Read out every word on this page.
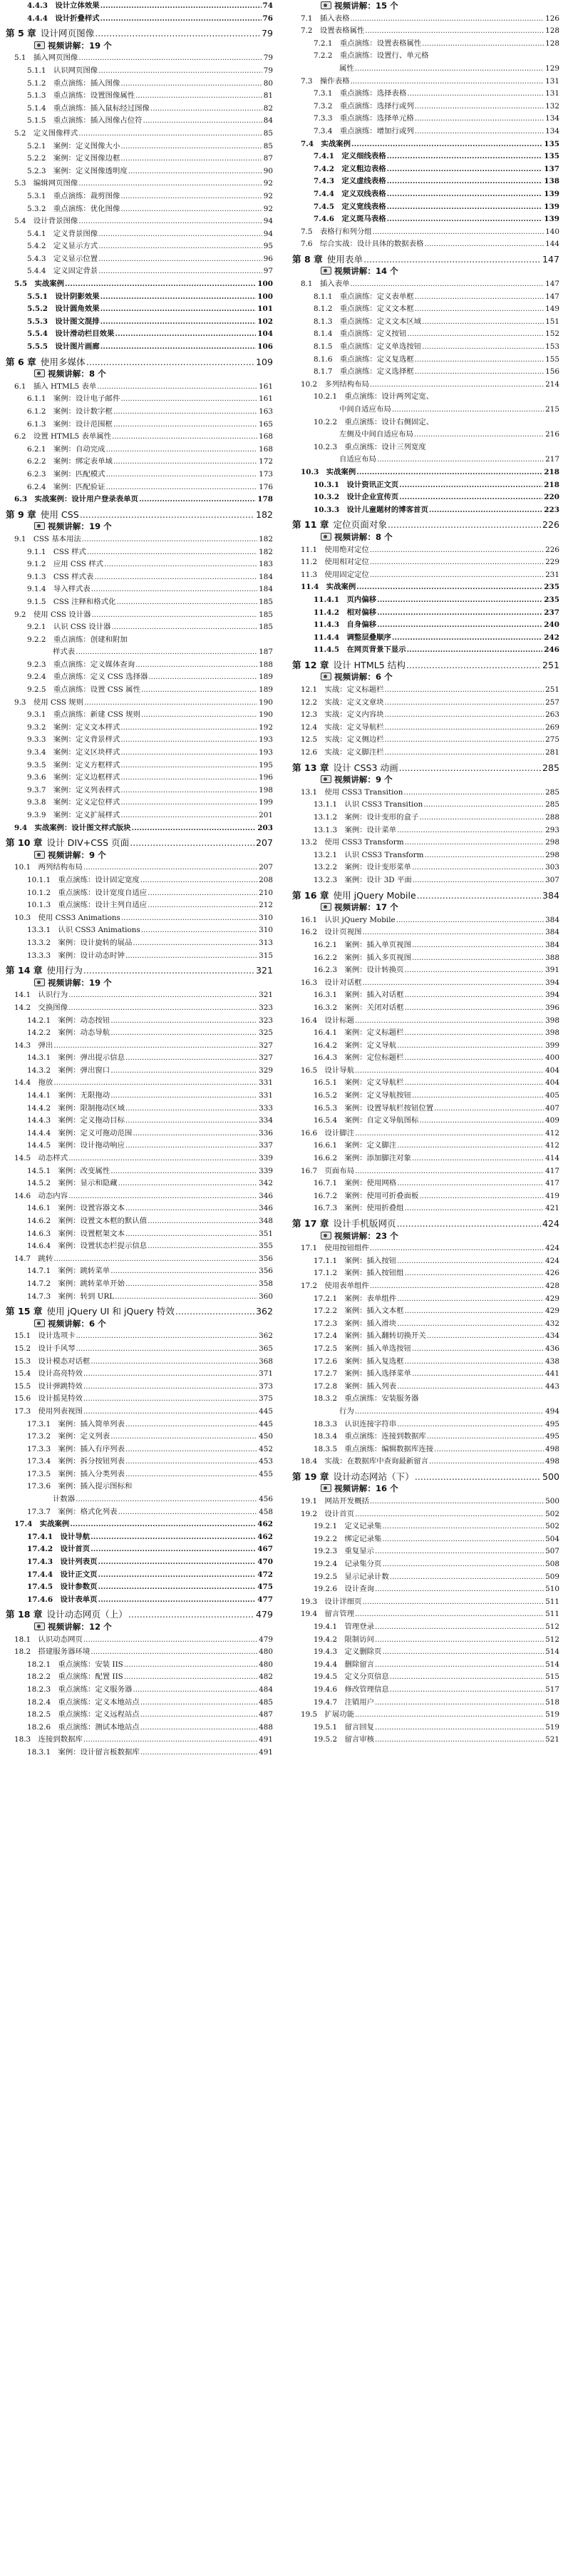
4.4.3　设计立体效果 .....	74
4.4.4　设计折叠样式 .....	76
第 5 章 设计网页图像 .....	79
视频讲解：19 个
5.1　插入网页图像 .....	79
5.1.1　认识网页图像 .....	79
5.1.2　重点演练：插入图像 .....	80
5.1.3　重点演练：设置图像属性 .....	81
5.1.4　重点演练：插入鼠标经过图像 .....	82
5.1.5　重点演练：插入图像占位符 .....	84
5.2　定义图像样式 .....	85
5.2.1　案例：定义图像大小 .....	85
5.2.2　案例：定义图像边框 .....	87
5.2.3　案例：定义图像透明度 .....	90
5.3　编辑网页图像 .....	92
5.3.1　重点演练：裁剪图像 .....	92
5.3.2　重点演练：优化图像 .....	92
5.4　设计背景图像 .....	94
5.4.1　定义背景图像 .....	94
5.4.2　定义显示方式 .....	95
5.4.3　定义显示位置 .....	96
5.4.4　定义固定背景 .....	97
5.5　实战案例 .....	100
5.5.1　设计阴影效果 .....	100
5.5.2　设计圆角效果 .....	101
5.5.3　设计图文混排 .....	102
5.5.4　设计滑动栏目效果 .....	104
5.5.5　设计图片画廊 .....	106
第 6 章 使用多媒体 .....	109
视频讲解：8 个
6.1　插入 HTML5 表单 .....	161
6.1.1　案例：设计电子邮件 .....	161
6.1.2　案例：设计数字框 .....	163
6.1.3　案例：设计范围框 .....	165
6.2　设置 HTML5 表单属性 .....	168
6.2.1　案例：自动完成 .....	168
6.2.2　案例：绑定表单域 .....	172
6.2.3　案例：匹配模式 .....	173
6.2.4　案例：匹配验证 .....	176
6.3　实战案例：设计用户登录表单页 .....	178
第 9 章 使用 CSS .....	182
视频讲解：19 个
9.1　CSS 基本用法 .....	182
9.1.1　CSS 样式 .....	182
9.1.2　应用 CSS 样式 .....	183
9.1.3　CSS 样式表 .....	184
9.1.4　导入样式表 .....	184
9.1.5　CSS 注释和格式化 .....	185
9.2　使用 CSS 设计器 .....	185
9.2.1　认识 CSS 设计器 .....	185
9.2.2　重点演练：创建和附加
样式表 .....	187
9.2.3　重点演练：定义媒体查询 .....	188
9.2.4　重点演练：定义 CSS 选择器 .....	189
9.2.5　重点演练：设置 CSS 属性 .....	189
9.3　使用 CSS 规则 .....	190
9.3.1　重点演练：新建 CSS 规则 .....	190
9.3.2　案例：定义文本样式 .....	192
9.3.3　案例：定义背景样式 .....	193
9.3.4　案例：定义区块样式 .....	193
9.3.5　案例：定义方框样式 .....	195
9.3.6　案例：定义边框样式 .....	196
9.3.7　案例：定义列表样式 .....	198
9.3.8　案例：定义定位样式 .....	199
9.3.9　案例：定义扩展样式 .....	201
9.4　实战案例：设计图文样式版块 .....	203
第 10 章 设计 DIV+CSS 页面 .....	207
视频讲解：9 个
10.1　两列结构布局 .....	207
10.1.1　重点演练：设计固定宽度 .....	208
10.1.2　重点演练：设计宽度自适应 .....	210
10.1.3　重点演练：设计主列自适应 .....	212
10.3　使用 CSS3 Animations .....	310
13.3.1　认识 CSS3 Animations .....	310
13.3.2　案例：设计旋转的展品 .....	313
13.3.3　案例：设计动态时钟 .....	315
第 14 章 使用行为 .....	321
视频讲解：19 个
14.1　认识行为 .....	321
14.2　交换图像 .....	323
14.2.1　案例：动态按钮 .....	323
14.2.2　案例：动态导航 .....	325
14.3　弹出 .....	327
14.3.1　案例：弹出提示信息 .....	327
14.3.2　案例：弹出窗口 .....	329
14.4　拖放 .....	331
14.4.1　案例：无限拖动 .....	331
14.4.2　案例：限制拖动区域 .....	333
14.4.3　案例：定义拖动目标 .....	334
14.4.4　案例：定义可拖动范围 .....	336
14.4.5　案例：设计拖动响应 .....	337
14.5　动态样式 .....	339
14.5.1　案例：改变属性 .....	339
14.5.2　案例：显示和隐藏 .....	342
14.6　动态内容 .....	346
14.6.1　案例：设置容器文本 .....	346
14.6.2　案例：设置文本框的默认值 .....	348
14.6.3　案例：设置框架文本 .....	351
14.6.4　案例：设置状态栏提示信息 .....	355
14.7　跳转 .....	356
14.7.1　案例：跳转菜单 .....	356
14.7.2　案例：跳转菜单开始 .....	358
14.7.3　案例：转到 URL .....	360
第 15 章 使用 jQuery UI 和 jQuery 特效 .....	362
视频讲解：6 个
15.1　设计选项卡 .....	362
15.2　设计手风琴 .....	365
15.3　设计模态对话框 .....	368
15.4　设计高亮特效 .....	371
15.5　设计弹跳特效 .....	373
15.6　设计摇晃特效 .....	375
17.3　使用列表视图 .....	445
17.3.1　案例：插入简单列表 .....	445
17.3.2　案例：定义列表 .....	450
17.3.3　案例：插入有序列表 .....	452
17.3.4　案例：拆分按钮列表 .....	453
17.3.5　案例：插入分类列表 .....	455
17.3.6　案例：插入提示图标和
计数器 .....	456
17.3.7　案例：格式化列表 .....	458
17.4　实战案例 .....	462
17.4.1　设计导航 .....	462
17.4.2　设计首页 .....	467
17.4.3　设计列表页 .....	470
17.4.4　设计正文页 .....	472
17.4.5　设计参数页 .....	475
17.4.6　设计表单页 .....	477
第 18 章 设计动态网页（上） .....	479
视频讲解：12 个
18.1　认识动态网页 .....	479
18.2　搭建服务器环境 .....	480
18.2.1　重点演练：安装 IIS .....	480
18.2.2　重点演练：配置 IIS .....	482
18.2.3　重点演练：定义服务器 .....	484
18.2.4　重点演练：定义本地站点 .....	485
18.2.5　重点演练：定义远程站点 .....	487
18.2.6　重点演练：测试本地站点 .....	488
18.3　连接到数据库 .....	491
18.3.1　案例：设计留言板数据库 .....	491
视频讲解：15 个
7.1　插入表格 .....	126
7.2　设置表格属性 .....	128
7.2.1　重点演练：设置表格属性 .....	128
7.2.2　重点演练：设置行、单元格
属性 .....	129
7.3　操作表格 .....	131
7.3.1　重点演练：选择表格 .....	131
7.3.2　重点演练：选择行或列 .....	132
7.3.3　重点演练：选择单元格 .....	134
7.3.4　重点演练：增加行或列 .....	134
7.4　实战案例 .....	135
7.4.1　定义细线表格 .....	135
7.4.2　定义粗边表格 .....	137
7.4.3　定义虚线表格 .....	138
7.4.4　定义双线表格 .....	139
7.4.5　定义宽线表格 .....	139
7.4.6　定义斑马表格 .....	139
7.5　表格行和列分组 .....	140
7.6　综合实战：设计具体的数据表格 .....	144
第 8 章 使用表单 .....	147
视频讲解：14 个
8.1　插入表单 .....	147
8.1.1　重点演练：定义表单框 .....	147
8.1.2　重点演练：定义文本框 .....	149
8.1.3　重点演练：定义文本区域 .....	151
8.1.4　重点演练：定义按钮 .....	152
8.1.5　重点演练：定义单选按钮 .....	153
8.1.6　重点演练：定义复选框 .....	155
8.1.7　重点演练：定义选择框 .....	156
10.2　多列结构布局 .....	214
10.2.1　重点演练：设计两列定宽、
中间自适应布局 .....	215
10.2.2　重点演练：设计右侧固定、
左侧及中间自适应布局 .....	216
10.2.3　重点演练：设计三列宽度
自适应布局 .....	217
10.3　实战案例 .....	218
10.3.1　设计资讯正文页 .....	218
10.3.2　设计企业宣传页 .....	220
10.3.3　设计儿童题材的博客首页 .....	223
第 11 章 定位页面对象 .....	226
视频讲解：8 个
11.1　使用绝对定位 .....	226
11.2　使用相对定位 .....	229
11.3　使用固定定位 .....	231
11.4　实战案例 .....	235
11.4.1　页内偏移 .....	235
11.4.2　相对偏移 .....	237
11.4.3　自身偏移 .....	240
11.4.4　调整层叠顺序 .....	242
11.4.5　在网页背景下显示 .....	246
第 12 章 设计 HTML5 结构 .....	251
视频讲解：6 个
12.1　实战：定义标题栏 .....	251
12.2　实战：定义文章块 .....	257
12.3　实战：定义内容块 .....	263
12.4　实战：定义导航栏 .....	269
12.5　实战：定义侧边栏 .....	275
12.6　实战：定义脚注栏 .....	281
第 13 章 设计 CSS3 动画 .....	285
视频讲解：9 个
13.1　使用 CSS3 Transition .....	285
13.1.1　认识 CSS3 Transition .....	285
13.1.2　案例：设计变形的盒子 .....	288
13.1.3　案例：设计菜单 .....	293
13.2　使用 CSS3 Transform .....	298
13.2.1　认识 CSS3 Transform .....	298
13.2.2　案例：设计变形菜单 .....	303
13.2.3　案例：设计 3D 平面 .....	307
第 16 章 使用 jQuery Mobile .....	384
视频讲解：17 个
16.1　认识 jQuery Mobile .....	384
16.2　设计页视图 .....	384
16.2.1　案例：插入单页视图 .....	384
16.2.2　案例：插入多页视图 .....	388
16.2.3　案例：设计转换页 .....	391
16.3　设计对话框 .....	394
16.3.1　案例：插入对话框 .....	394
16.3.2　案例：关闭对话框 .....	396
16.4　设计标题 .....	398
16.4.1　案例：定义标题栏 .....	398
16.4.2　案例：定义导航 .....	399
16.4.3　案例：定位标题栏 .....	400
16.5　设计导航 .....	404
16.5.1　案例：定义导航栏 .....	404
16.5.2　案例：定义导航按钮 .....	405
16.5.3　案例：设置导航栏按钮位置 .....	407
16.5.4　案例：自定义导航图标 .....	409
16.6　设计脚注 .....	412
16.6.1　案例：定义脚注 .....	412
16.6.2　案例：添加脚注对象 .....	414
16.7　页面布局 .....	417
16.7.1　案例：使用网格 .....	417
16.7.2　案例：使用可折叠面板 .....	419
16.7.3　案例：使用折叠组 .....	421
第 17 章 设计手机版网页 .....	424
视频讲解：23 个
17.1　使用按钮组件 .....	424
17.1.1　案例：插入按钮 .....	424
17.1.2　案例：插入按钮组 .....	426
17.2　使用表单组件 .....	428
17.2.1　案例：表单组件 .....	429
17.2.2　案例：插入文本框 .....	429
17.2.3　案例：插入滑块 .....	432
17.2.4　案例：插入翻转切换开关 .....	434
17.2.5　案例：插入单选按钮 .....	436
17.2.6　案例：插入复选框 .....	438
17.2.7　案例：插入选择菜单 .....	441
17.2.8　案例：插入列表 .....	443
18.3.2　重点演练：安装服务器
行为 .....	494
18.3.3　认识连接字符串 .....	495
18.3.4　重点演练：连接到数据库 .....	495
18.3.5　重点演练：编辑数据库连接 .....	498
18.4　实战：在数据库中查询最新留言 .....	498
第 19 章 设计动态网站（下） .....	500
视频讲解：16 个
19.1　网站开发概括 .....	500
19.2　设计首页 .....	502
19.2.1　定义记录集 .....	502
19.2.2　绑定记录集 .....	504
19.2.3　重复显示 .....	507
19.2.4　记录集分页 .....	508
19.2.5　显示记录计数 .....	509
19.2.6　设计查询 .....	510
19.3　设计详细页 .....	511
19.4　留言管理 .....	511
19.4.1　管理登录 .....	512
19.4.2　限制访问 .....	512
19.4.3　定义删除页 .....	514
19.4.4　删除留言 .....	514
19.4.5　定义分页信息 .....	515
19.4.6　修改管理信息 .....	517
19.4.7　注销用户 .....	518
19.5　扩展功能 .....	519
19.5.1　留言回复 .....	519
19.5.2　留言审核 .....	521
